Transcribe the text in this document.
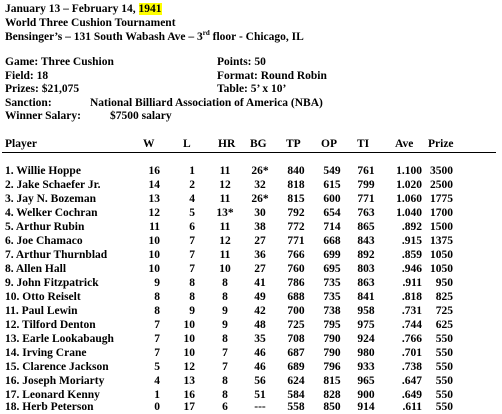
January 13 – February 14, 1941
World Three Cushion Tournament
Bensinger’s – 131 South Wabash Ave – 3rd floor - Chicago, IL
Game: Three Cushion	Points: 50
Field: 18	Format: Round Robin
Prizes: $21,075	Table: 5’ x 10’
Sanction:	National Billiard Association of America (NBA)
Winner Salary:	$7500 salary
Player	W L HR BG TP OP TI Ave Prize
1. Willie Hoppe	16	1	11	26*	840	549	761	1.100 3500
2. Jake Schaefer Jr.	14	2	12	32	818	615	799	1.020 2500
3. Jay N. Bozeman	13	4	11	26*	815	600	771	1.060 1775
4. Welker Cochran	12	5	13*	30	792	654	763	1.040 1700
5. Arthur Rubin	11	6	11	38	772	714	865	.892 1500
6. Joe Chamaco	10	7	12	27	771	668	843	.915 1375
7. Arthur Thurnblad	10	7	11	36	766	699	892	.859 1050
8. Allen Hall	10	7	10	27	760	695	803	.946 1050
9. John Fitzpatrick	9	8	8	41	786	735	863	.911	950
10. Otto Reiselt	8	8	8	49	688	735	841	.818	825
11. Paul Lewin	8	9	9	42	700	738	958	.731	725
12. Tilford Denton	7	10	9	48	725	795	975	.744	625
13. Earle Lookabaugh	7	10	8	35	708	790	924	.766	550
14. Irving Crane	7	10	7	46	687	790	980	.701	550
15. Clarence Jackson	5	12	7	46	689	796	933	.738	550
16. Joseph Moriarty	4	13	8	56	624	815	965	.647	550
17. Leonard Kenny	1	16	8	51	584	828	900	.649	550
18. Herb Peterson	0	17	6	---	558	850	914	.611	550
